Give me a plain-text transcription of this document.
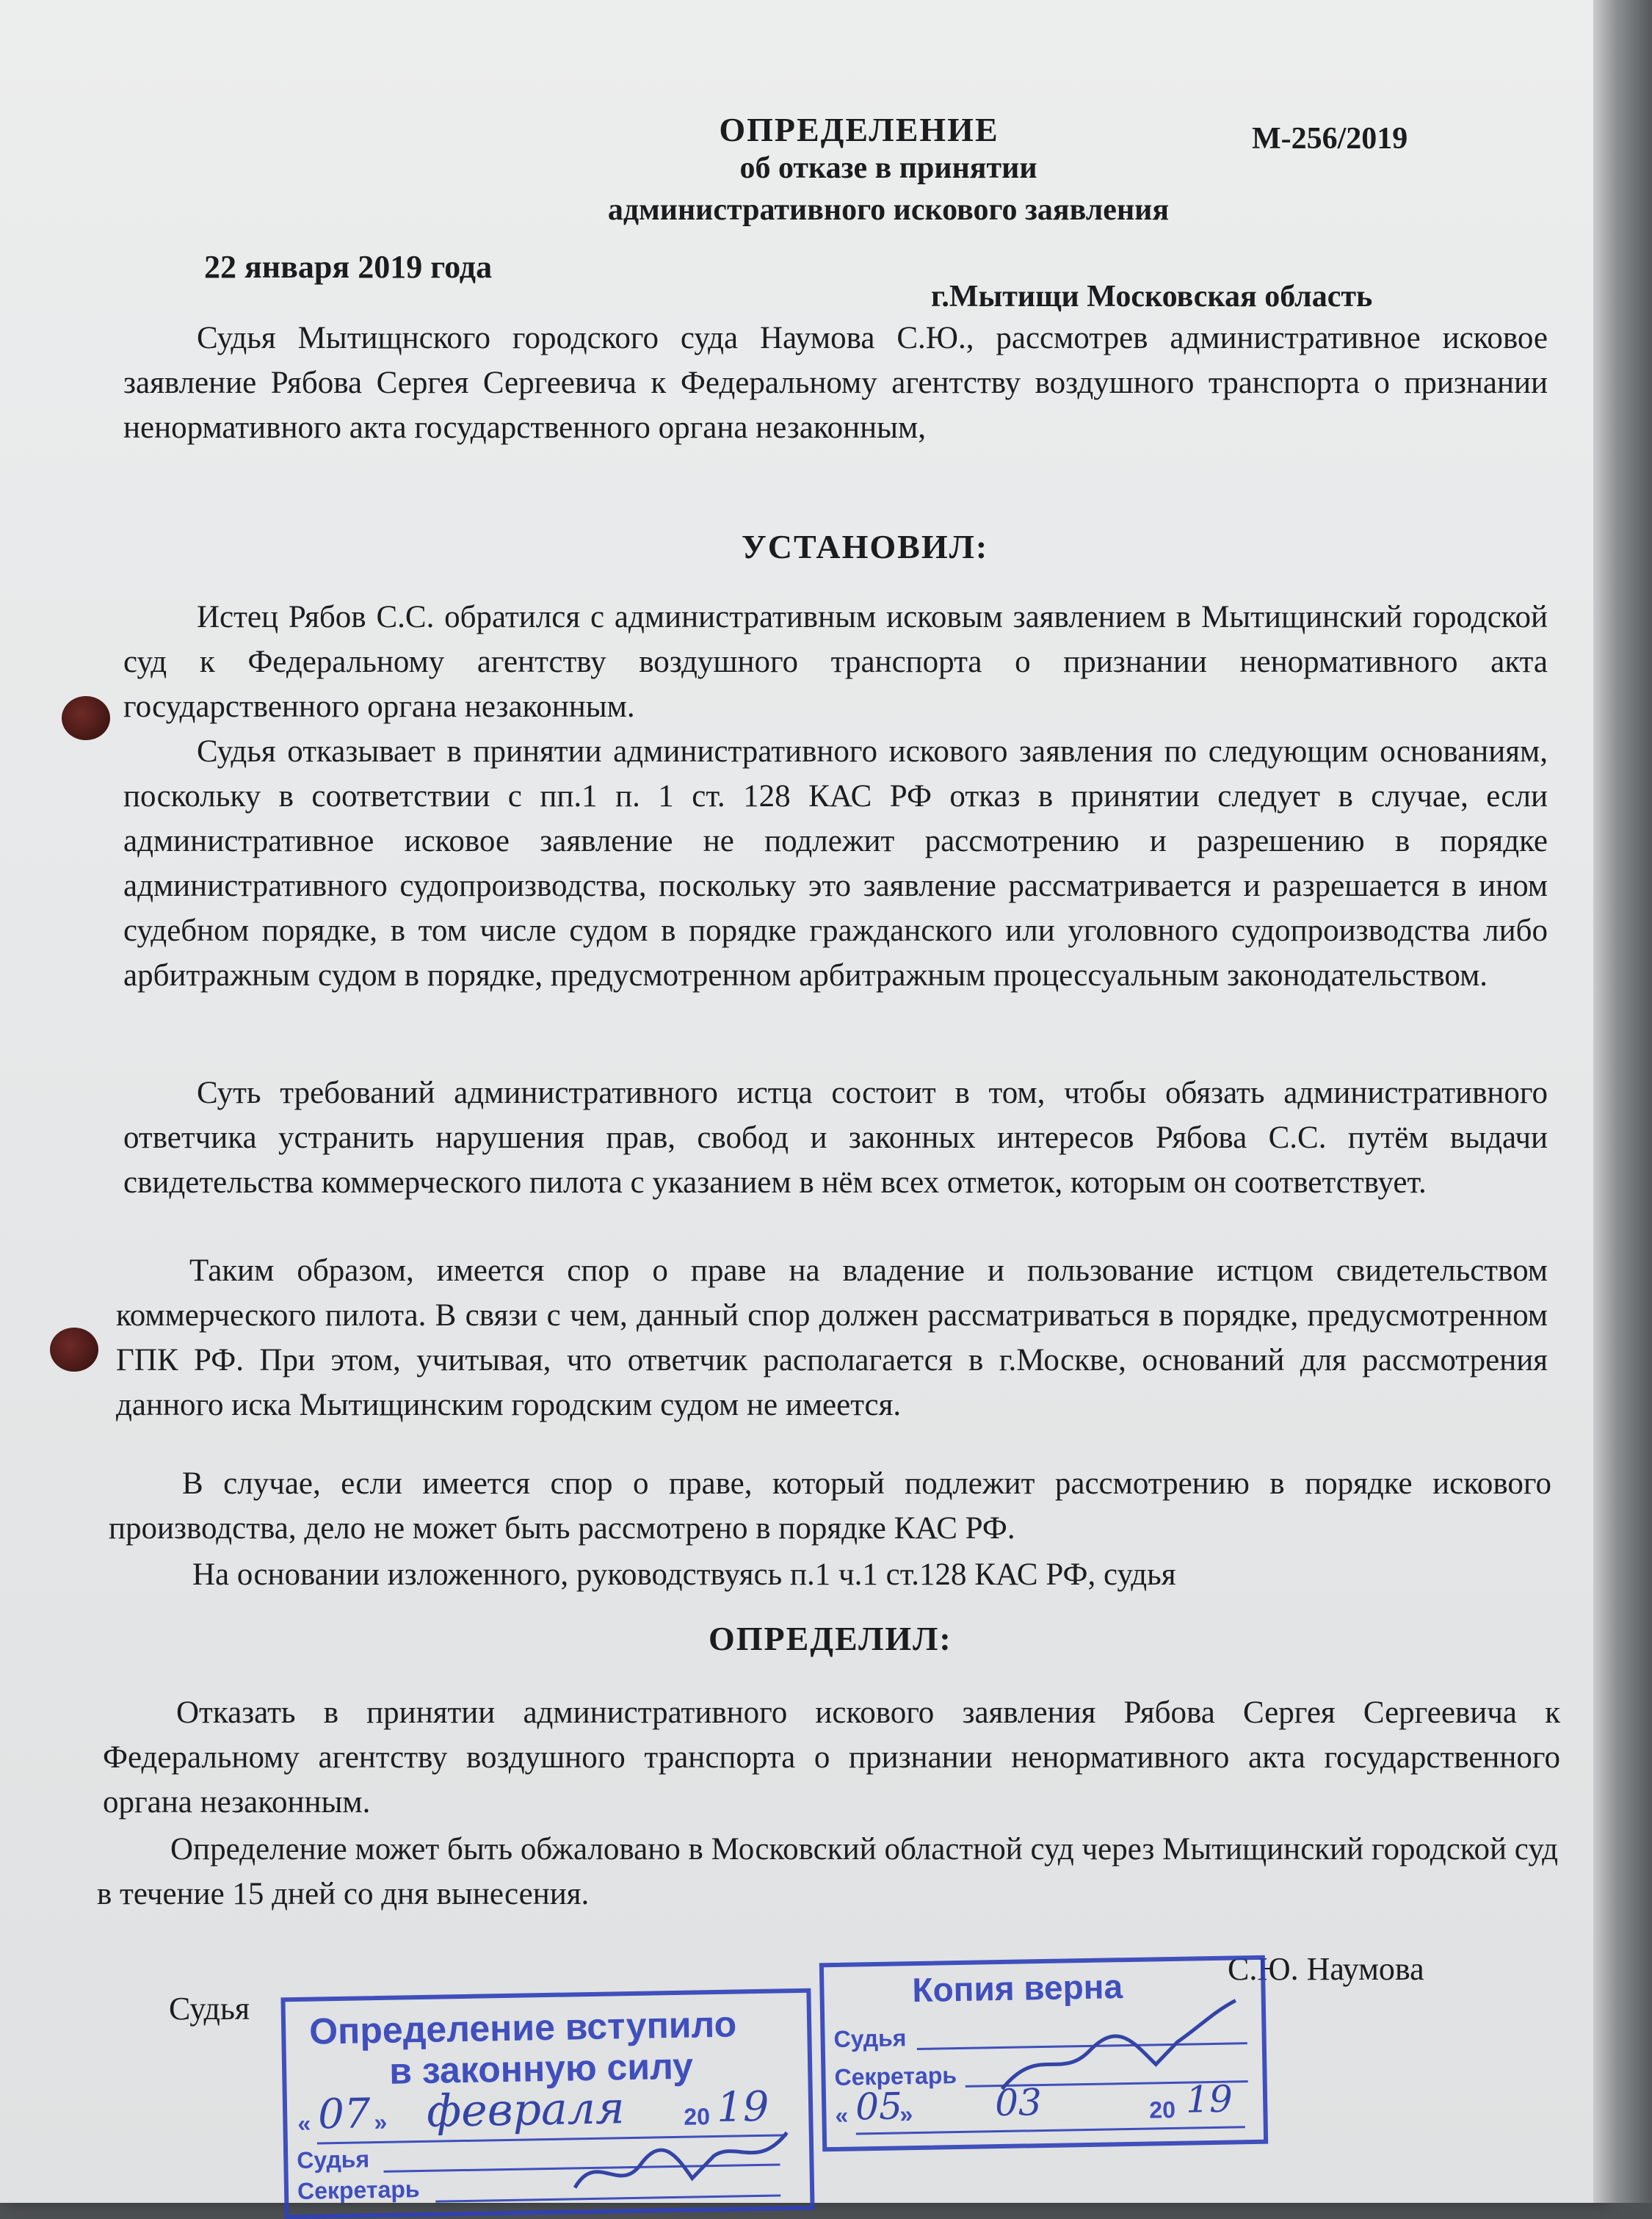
ОПРЕДЕЛЕНИЕ	М-256/2019
об отказе в принятии
административного искового заявления
22 января 2019 года
г.Мытищи Московская область

Судья Мытищнского городского суда Наумова С.Ю., рассмотрев административное исковое заявление Рябова Сергея Сергеевича к Федеральному агентству воздушного транспорта о признании ненормативного акта государственного органа незаконным,

УСТАНОВИЛ:

Истец Рябов С.С. обратился с административным исковым заявлением в Мытищинский городской суд к Федеральному агентству воздушного транспорта о признании ненормативного акта государственного органа незаконным.

Судья отказывает в принятии административного искового заявления по следующим основаниям, поскольку в соответствии с пп.1 п. 1 ст. 128 КАС РФ отказ в принятии следует в случае, если административное исковое заявление не подлежит рассмотрению и разрешению в порядке административного судопроизводства, поскольку это заявление рассматривается и разрешается в ином судебном порядке, в том числе судом в порядке гражданского или уголовного судопроизводства либо арбитражным судом в порядке, предусмотренном арбитражным процессуальным законодательством.

Суть требований административного истца состоит в том, чтобы обязать административного ответчика устранить нарушения прав, свобод и законных интересов Рябова С.С. путём выдачи свидетельства коммерческого пилота с указанием в нём всех отметок, которым он соответствует.

Таким образом, имеется спор о праве на владение и пользование истцом свидетельством коммерческого пилота. В связи с чем, данный спор должен рассматриваться в порядке, предусмотренном ГПК РФ. При этом, учитывая, что ответчик располагается в г.Москве, оснований для рассмотрения данного иска Мытищинским городским судом не имеется.

В случае, если имеется спор о праве, который подлежит рассмотрению в порядке искового производства, дело не может быть рассмотрено в порядке КАС РФ.

На основании изложенного, руководствуясь п.1 ч.1 ст.128 КАС РФ, судья

ОПРЕДЕЛИЛ:

Отказать в принятии административного искового заявления Рябова Сергея Сергеевича к Федеральному агентству воздушного транспорта о признании ненормативного акта государственного органа незаконным.

Определение может быть обжаловано в Московский областной суд через Мытищинский городской суд в течение 15 дней со дня вынесения.

Судья
С.Ю. Наумова
Определение вступило
в законную силу
« 07 » февраля 20 19
Судья
Секретарь
Копия верна
Судья
Секретарь
« 05
» 03	20 19
